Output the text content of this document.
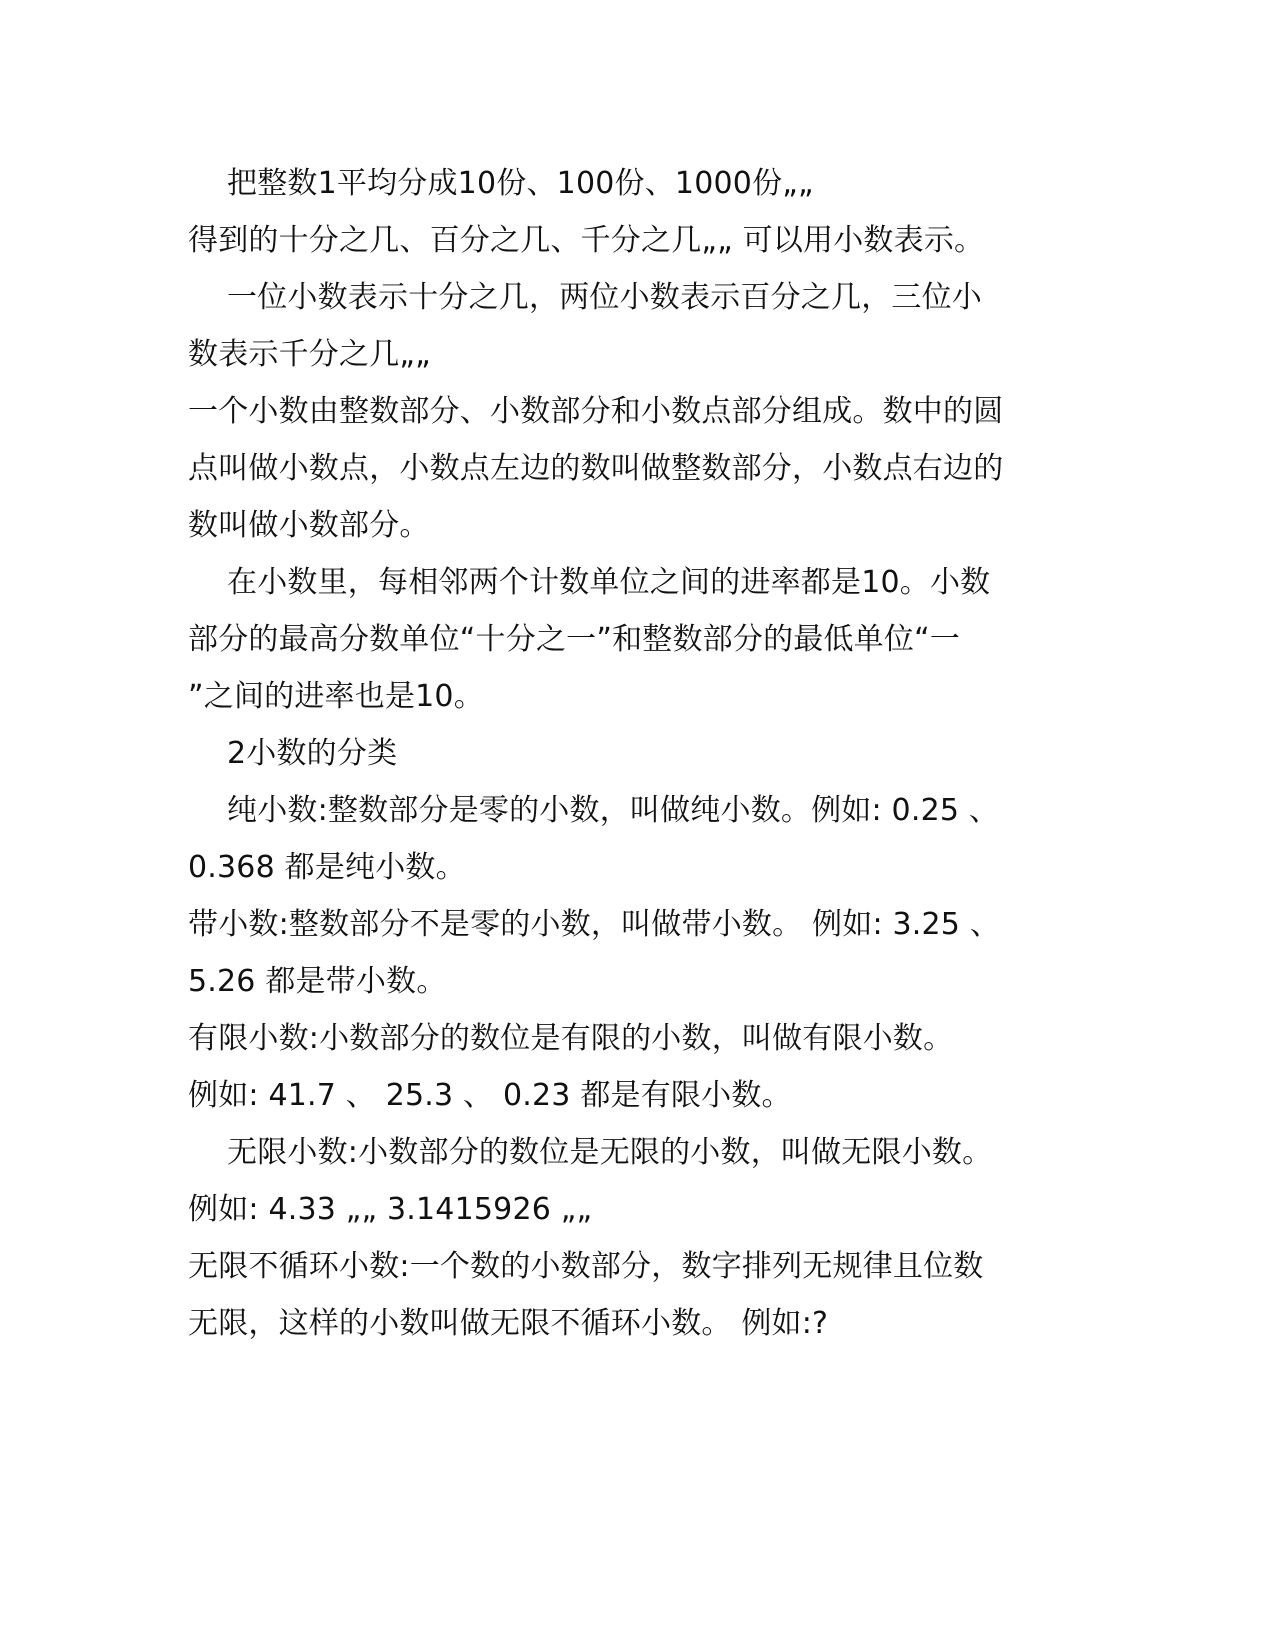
把整数1平均分成10份、100份、1000份„„
得到的十分之几、百分之几、千分之几„„ 可以用小数表示。
一位小数表示十分之几，两位小数表示百分之几，三位小
数表示千分之几„„
一个小数由整数部分、小数部分和小数点部分组成。数中的圆
点叫做小数点，小数点左边的数叫做整数部分，小数点右边的
数叫做小数部分。
在小数里，每相邻两个计数单位之间的进率都是10。小数
部分的最高分数单位“十分之一”和整数部分的最低单位“一
”之间的进率也是10。
2小数的分类
纯小数:整数部分是零的小数，叫做纯小数。例如: 0.25 、
0.368 都是纯小数。
带小数:整数部分不是零的小数，叫做带小数。 例如: 3.25 、
5.26 都是带小数。
有限小数:小数部分的数位是有限的小数，叫做有限小数。
例如: 41.7 、 25.3 、 0.23 都是有限小数。
无限小数:小数部分的数位是无限的小数，叫做无限小数。
例如: 4.33 „„ 3.1415926 „„
无限不循环小数:一个数的小数部分，数字排列无规律且位数
无限，这样的小数叫做无限不循环小数。 例如:?
